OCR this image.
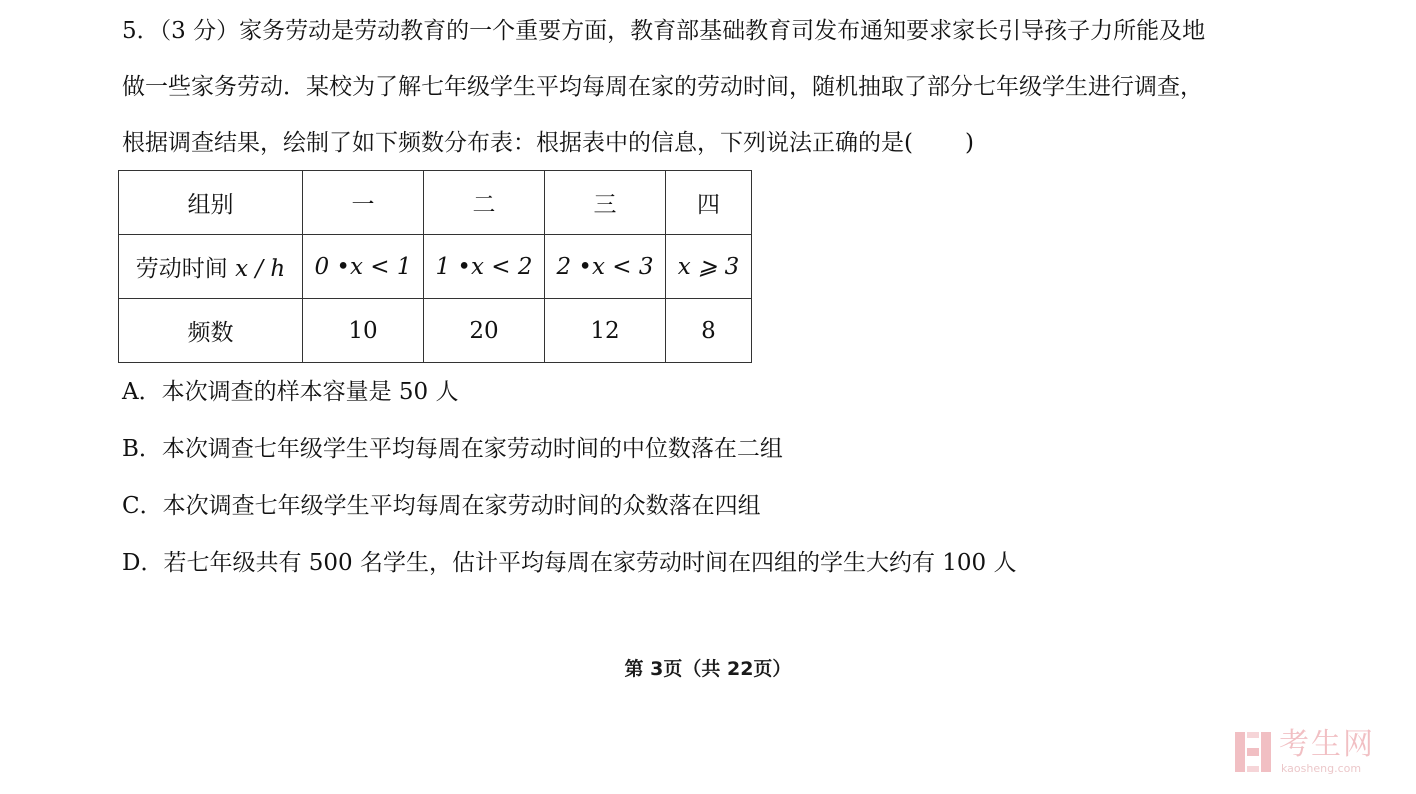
5．（3 分）家务劳动是劳动教育的一个重要方面，教育部基础教育司发布通知要求家长引导孩子力所能及地
做一些家务劳动．某校为了解七年级学生平均每周在家的劳动时间，随机抽取了部分七年级学生进行调查，
根据调查结果，绘制了如下频数分布表：根据表中的信息，下列说法正确的是( )
组别	一	二	三	四
劳动时间 x / h	0 •x < 1	1 •x < 2	2 •x < 3	x ⩾ 3
频数	10	20	12	8
A．本次调查的样本容量是 50 人
B．本次调查七年级学生平均每周在家劳动时间的中位数落在二组
C．本次调查七年级学生平均每周在家劳动时间的众数落在四组
D．若七年级共有 500 名学生，估计平均每周在家劳动时间在四组的学生大约有 100 人
第 3页（共 22页）
考生网
kaosheng.com
